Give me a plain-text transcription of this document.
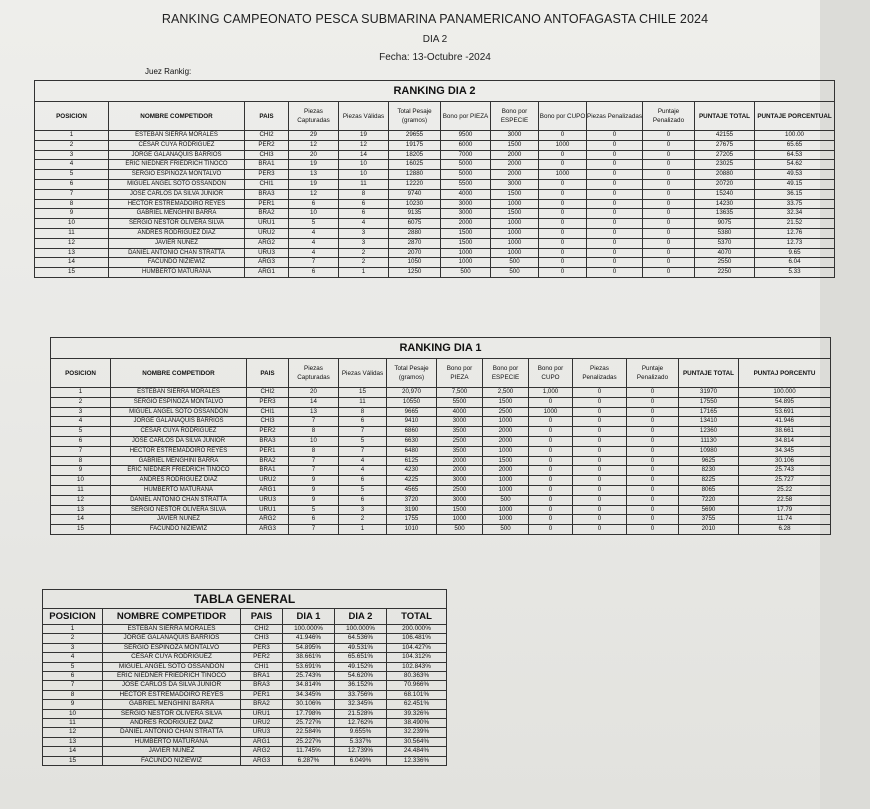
RANKING CAMPEONATO PESCA SUBMARINA PANAMERICANO ANTOFAGASTA CHILE 2024
DIA 2
Fecha: 13-Octubre -2024
Juez Rankig:
RANKING DIA 2												
POSICION	NOMBRE COMPETIDOR	PAIS	Piezas Capturadas	Piezas Válidas	Total Pesaje (gramos)	Bono por PIEZA	Bono por ESPECIE	Bono por CUPO	Piezas Penalizadas	Puntaje Penalizado	PUNTAJE TOTAL	PUNTAJE PORCENTUAL
1	ESTEBAN SIERRA MORALES	CHI2	29	19	29655	9500	3000	0	0	0	42155	100.00
2	CÉSAR CUYA RODRIGUEZ	PER2	12	12	19175	6000	1500	1000	0	0	27675	65.65
3	JORGE GALANAQUIS BARRIOS	CHI3	20	14	18205	7000	2000	0	0	0	27205	64.53
4	ERIC NIEDNER FRIEDRICH TINOCO	BRA1	19	10	16025	5000	2000	0	0	0	23025	54.62
5	SERGIO ESPINOZA MONTALVO	PER3	13	10	12880	5000	2000	1000	0	0	20880	49.53
6	MIGUEL ANGEL SOTO OSSANDÓN	CHI1	19	11	12220	5500	3000	0	0	0	20720	49.15
7	JOSE CARLOS DA SILVA JUNIOR	BRA3	12	8	9740	4000	1500	0	0	0	15240	36.15
8	HECTOR ESTREMADOIRO REYES	PER1	6	6	10230	3000	1000	0	0	0	14230	33.75
9	GABRIEL MENGHINI BARRA	BRA2	10	6	9135	3000	1500	0	0	0	13635	32.34
10	SERGIO NESTOR OLIVERA SILVA	URU1	5	4	6075	2000	1000	0	0	0	9075	21.52
11	ANDRES RODRIGUEZ DIAZ	URU2	4	3	2880	1500	1000	0	0	0	5380	12.76
12	JAVIER NUÑEZ	ARG2	4	3	2870	1500	1000	0	0	0	5370	12.73
13	DANIEL ANTONIO CHAN STRATTA	URU3	4	2	2070	1000	1000	0	0	0	4070	9.65
14	FACUNDO NIZIEWIZ	ARG3	7	2	1050	1000	500	0	0	0	2550	6.04
15	HUMBERTO MATURANA	ARG1	6	1	1250	500	500	0	0	0	2250	5.33
RANKING DIA 1												
POSICION	NOMBRE COMPETIDOR	PAIS	Piezas Capturadas	Piezas Válidas	Total Pesaje (gramos)	Bono por PIEZA	Bono por ESPECIE	Bono por CUPO	Piezas Penalizadas	Puntaje Penalizado	PUNTAJE TOTAL	PUNTAJ PORCENTU
1	ESTEBAN SIERRA MORALES	CHI2	20	15	20,970	7,500	2,500	1,000	0	0	31970	100.000
2	SERGIO ESPINOZA MONTALVO	PER3	14	11	10550	5500	1500	0	0	0	17550	54.895
3	MIGUEL ANGEL SOTO OSSANDÓN	CHI1	13	8	9665	4000	2500	1000	0	0	17165	53.691
4	JORGE GALANAQUIS BARRIOS	CHI3	7	6	9410	3000	1000	0	0	0	13410	41.946
5	CÉSAR CUYA RODRIGUEZ	PER2	8	7	6860	3500	2000	0	0	0	12360	38.661
6	JOSE CARLOS DA SILVA JUNIOR	BRA3	10	5	6630	2500	2000	0	0	0	11130	34.814
7	HECTOR ESTREMADOIRO REYES	PER1	8	7	6480	3500	1000	0	0	0	10980	34.345
8	GABRIEL MENGHINI BARRA	BRA2	7	4	6125	2000	1500	0	0	0	9625	30.106
9	ERIC NIEDNER FRIEDRICH TINOCO	BRA1	7	4	4230	2000	2000	0	0	0	8230	25.743
10	ANDRES RODRIGUEZ DIAZ	URU2	9	6	4225	3000	1000	0	0	0	8225	25.727
11	HUMBERTO MATURANA	ARG1	9	5	4565	2500	1000	0	0	0	8065	25.22
12	DANIEL ANTONIO CHAN STRATTA	URU3	9	6	3720	3000	500	0	0	0	7220	22.58
13	SERGIO NESTOR OLIVERA SILVA	URU1	5	3	3190	1500	1000	0	0	0	5690	17.79
14	JAVIER NUÑEZ	ARG2	6	2	1755	1000	1000	0	0	0	3755	11.74
15	FACUNDO NIZIEWIZ	ARG3	7	1	1010	500	500	0	0	0	2010	6.28
TABLA GENERAL					
POSICION	NOMBRE COMPETIDOR	PAIS	DIA 1	DIA 2	TOTAL
1	ESTEBAN SIERRA MORALES	CHI2	100.000%	100.000%	200.000%
2	JORGE GALANAQUIS BARRIOS	CHI3	41.946%	64.536%	106.481%
3	SERGIO ESPINOZA MONTALVO	PER3	54.895%	49.531%	104.427%
4	CÉSAR CUYA RODRIGUEZ	PER2	38.661%	65.651%	104.312%
5	MIGUEL ANGEL SOTO OSSANDÓN	CHI1	53.691%	49.152%	102.843%
6	ERIC NIEDNER FRIEDRICH TINOCO	BRA1	25.743%	54.620%	80.363%
7	JOSE CARLOS DA SILVA JUNIOR	BRA3	34.814%	36.152%	70.966%
8	HECTOR ESTREMADOIRO REYES	PER1	34.345%	33.756%	68.101%
9	GABRIEL MENGHINI BARRA	BRA2	30.106%	32.345%	62.451%
10	SERGIO NESTOR OLIVERA SILVA	URU1	17.798%	21.528%	39.326%
11	ANDRES RODRIGUEZ DIAZ	URU2	25.727%	12.762%	38.490%
12	DANIEL ANTONIO CHAN STRATTA	URU3	22.584%	9.655%	32.239%
13	HUMBERTO MATURANA	ARG1	25.227%	5.337%	30.564%
14	JAVIER NUÑEZ	ARG2	11.745%	12.739%	24.484%
15	FACUNDO NIZIEWIZ	ARG3	6.287%	6.049%	12.336%
